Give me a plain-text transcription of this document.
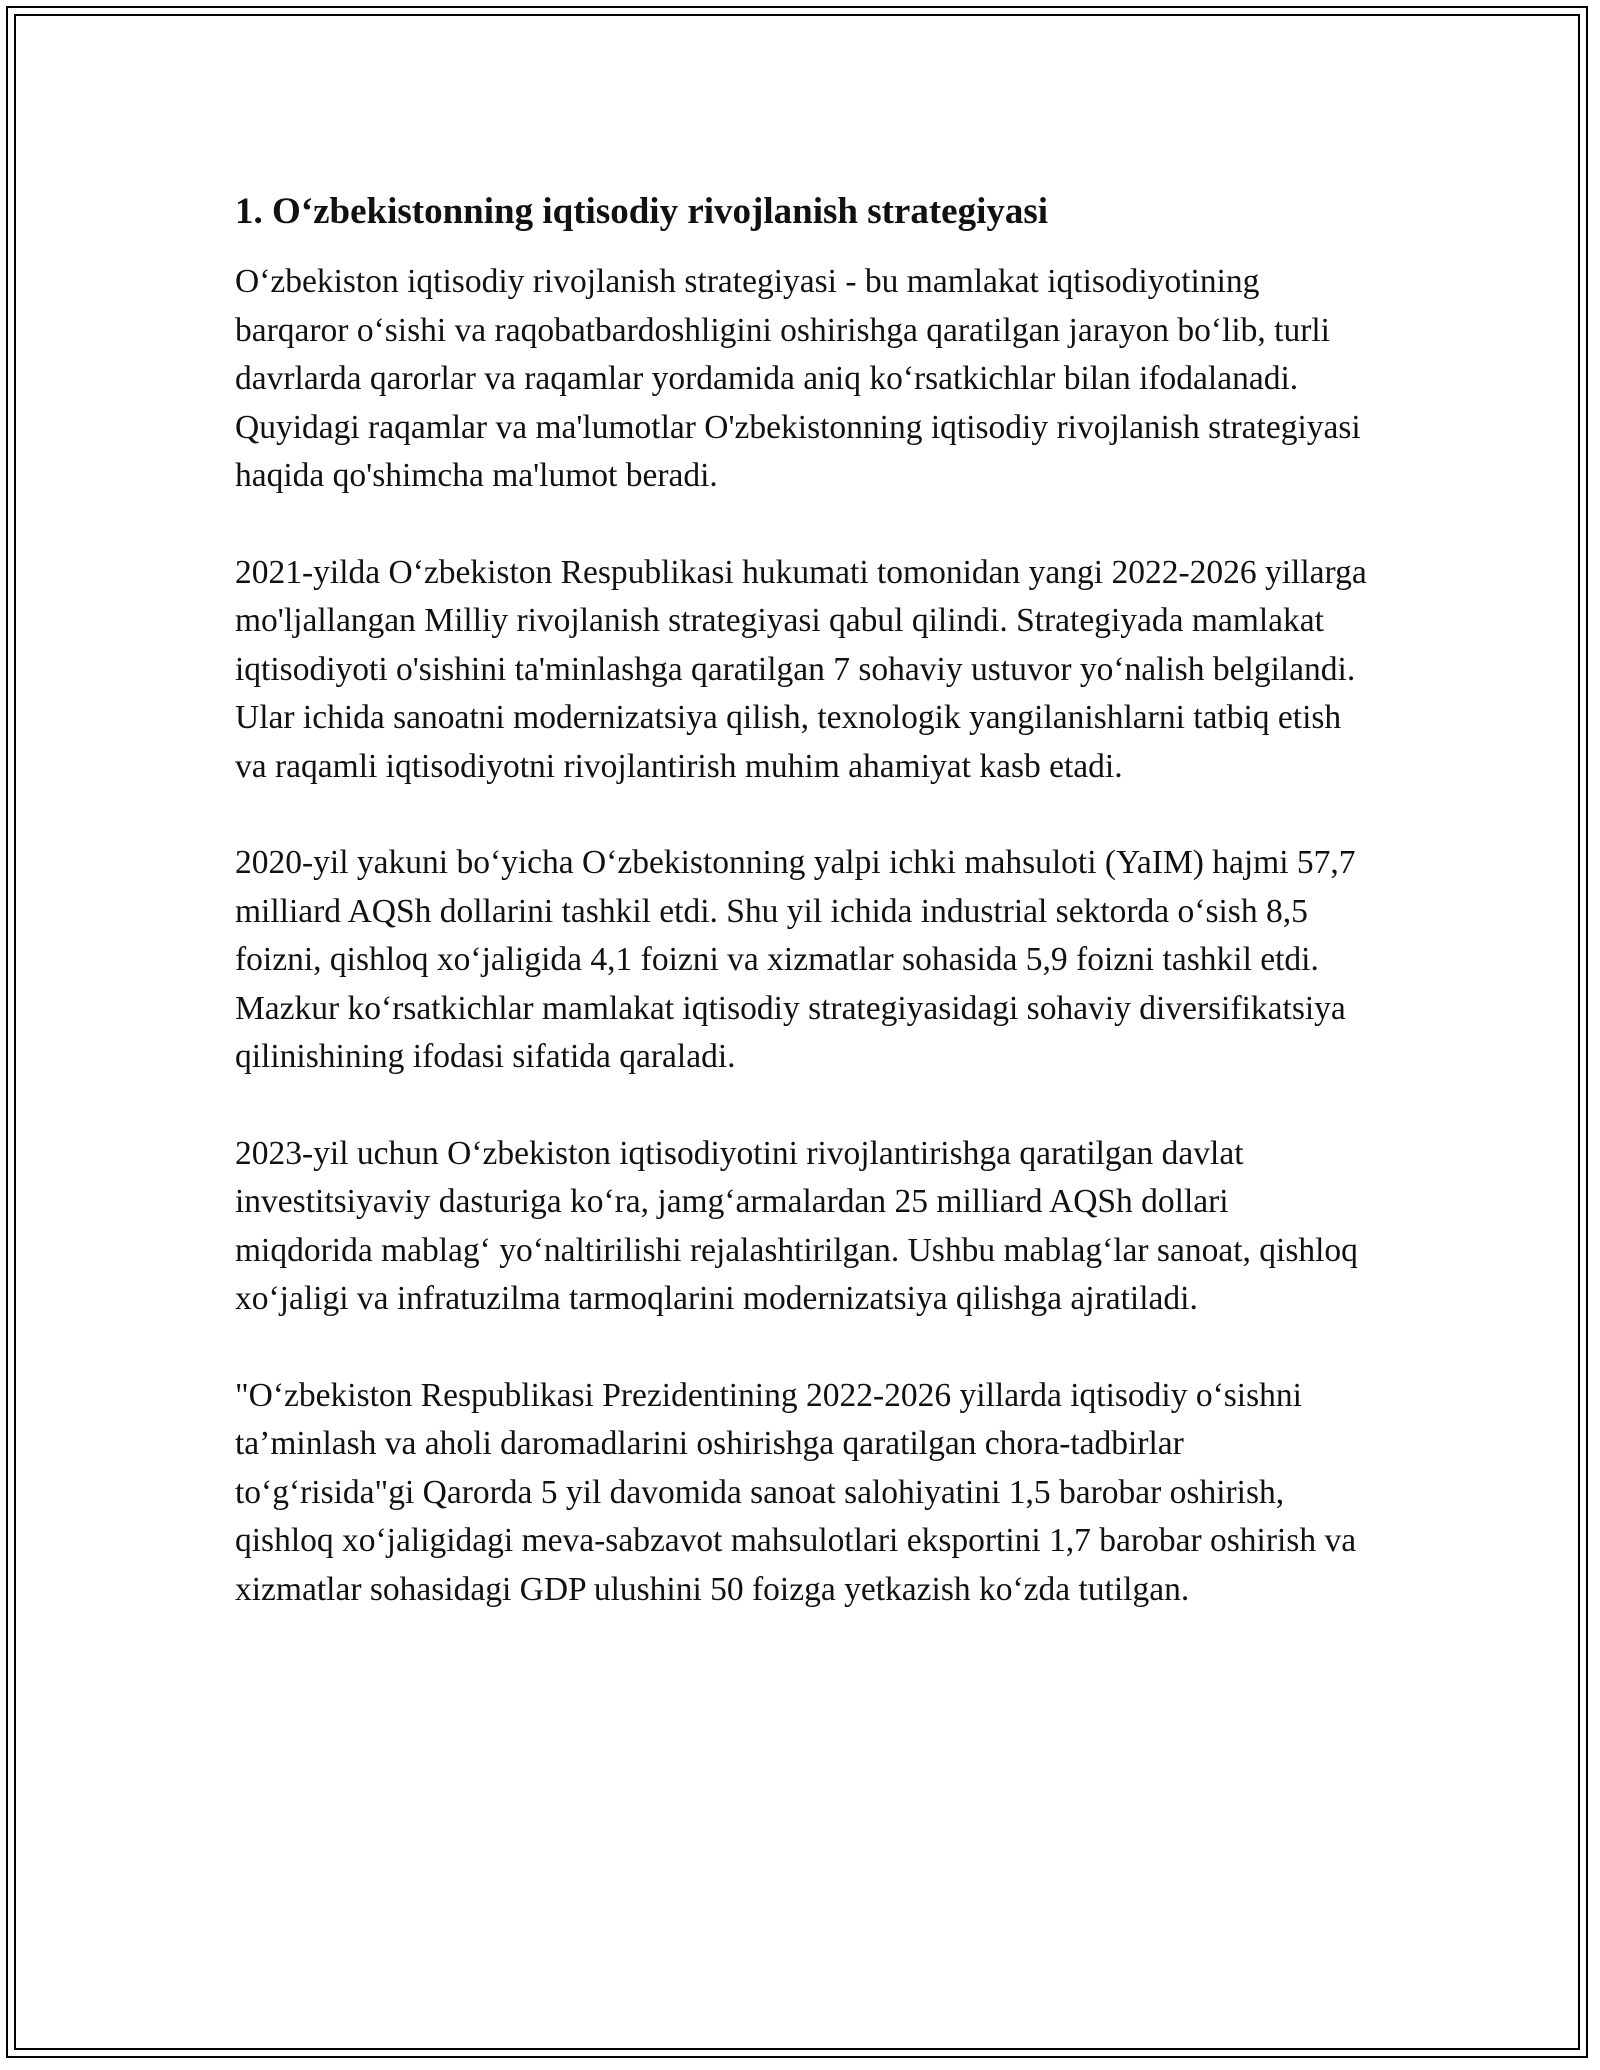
1. O‘zbekistonning iqtisodiy rivojlanish strategiyasi

O‘zbekiston iqtisodiy rivojlanish strategiyasi - bu mamlakat iqtisodiyotining barqaror o‘sishi va raqobatbardoshligini oshirishga qaratilgan jarayon bo‘lib, turli davrlarda qarorlar va raqamlar yordamida aniq ko‘rsatkichlar bilan ifodalanadi. Quyidagi raqamlar va ma'lumotlar O'zbekistonning iqtisodiy rivojlanish strategiyasi haqida qo'shimcha ma'lumot beradi.

2021-yilda O‘zbekiston Respublikasi hukumati tomonidan yangi 2022-2026 yillarga mo'ljallangan Milliy rivojlanish strategiyasi qabul qilindi. Strategiyada mamlakat iqtisodiyoti o'sishini ta'minlashga qaratilgan 7 sohaviy ustuvor yo‘nalish belgilandi. Ular ichida sanoatni modernizatsiya qilish, texnologik yangilanishlarni tatbiq etish va raqamli iqtisodiyotni rivojlantirish muhim ahamiyat kasb etadi.

2020-yil yakuni bo‘yicha O‘zbekistonning yalpi ichki mahsuloti (YaIM) hajmi 57,7 milliard AQSh dollarini tashkil etdi. Shu yil ichida industrial sektorda o‘sish 8,5 foizni, qishloq xo‘jaligida 4,1 foizni va xizmatlar sohasida 5,9 foizni tashkil etdi. Mazkur ko‘rsatkichlar mamlakat iqtisodiy strategiyasidagi sohaviy diversifikatsiya qilinishining ifodasi sifatida qaraladi.

2023-yil uchun O‘zbekiston iqtisodiyotini rivojlantirishga qaratilgan davlat investitsiyaviy dasturiga ko‘ra, jamg‘armalardan 25 milliard AQSh dollari miqdorida mablag‘ yo‘naltirilishi rejalashtirilgan. Ushbu mablag‘lar sanoat, qishloq xo‘jaligi va infratuzilma tarmoqlarini modernizatsiya qilishga ajratiladi.

"O‘zbekiston Respublikasi Prezidentining 2022-2026 yillarda iqtisodiy o‘sishni ta’minlash va aholi daromadlarini oshirishga qaratilgan chora-tadbirlar to‘g‘risida"gi Qarorda 5 yil davomida sanoat salohiyatini 1,5 barobar oshirish, qishloq xo‘jaligidagi meva-sabzavot mahsulotlari eksportini 1,7 barobar oshirish va xizmatlar sohasidagi GDP ulushini 50 foizga yetkazish ko‘zda tutilgan.
